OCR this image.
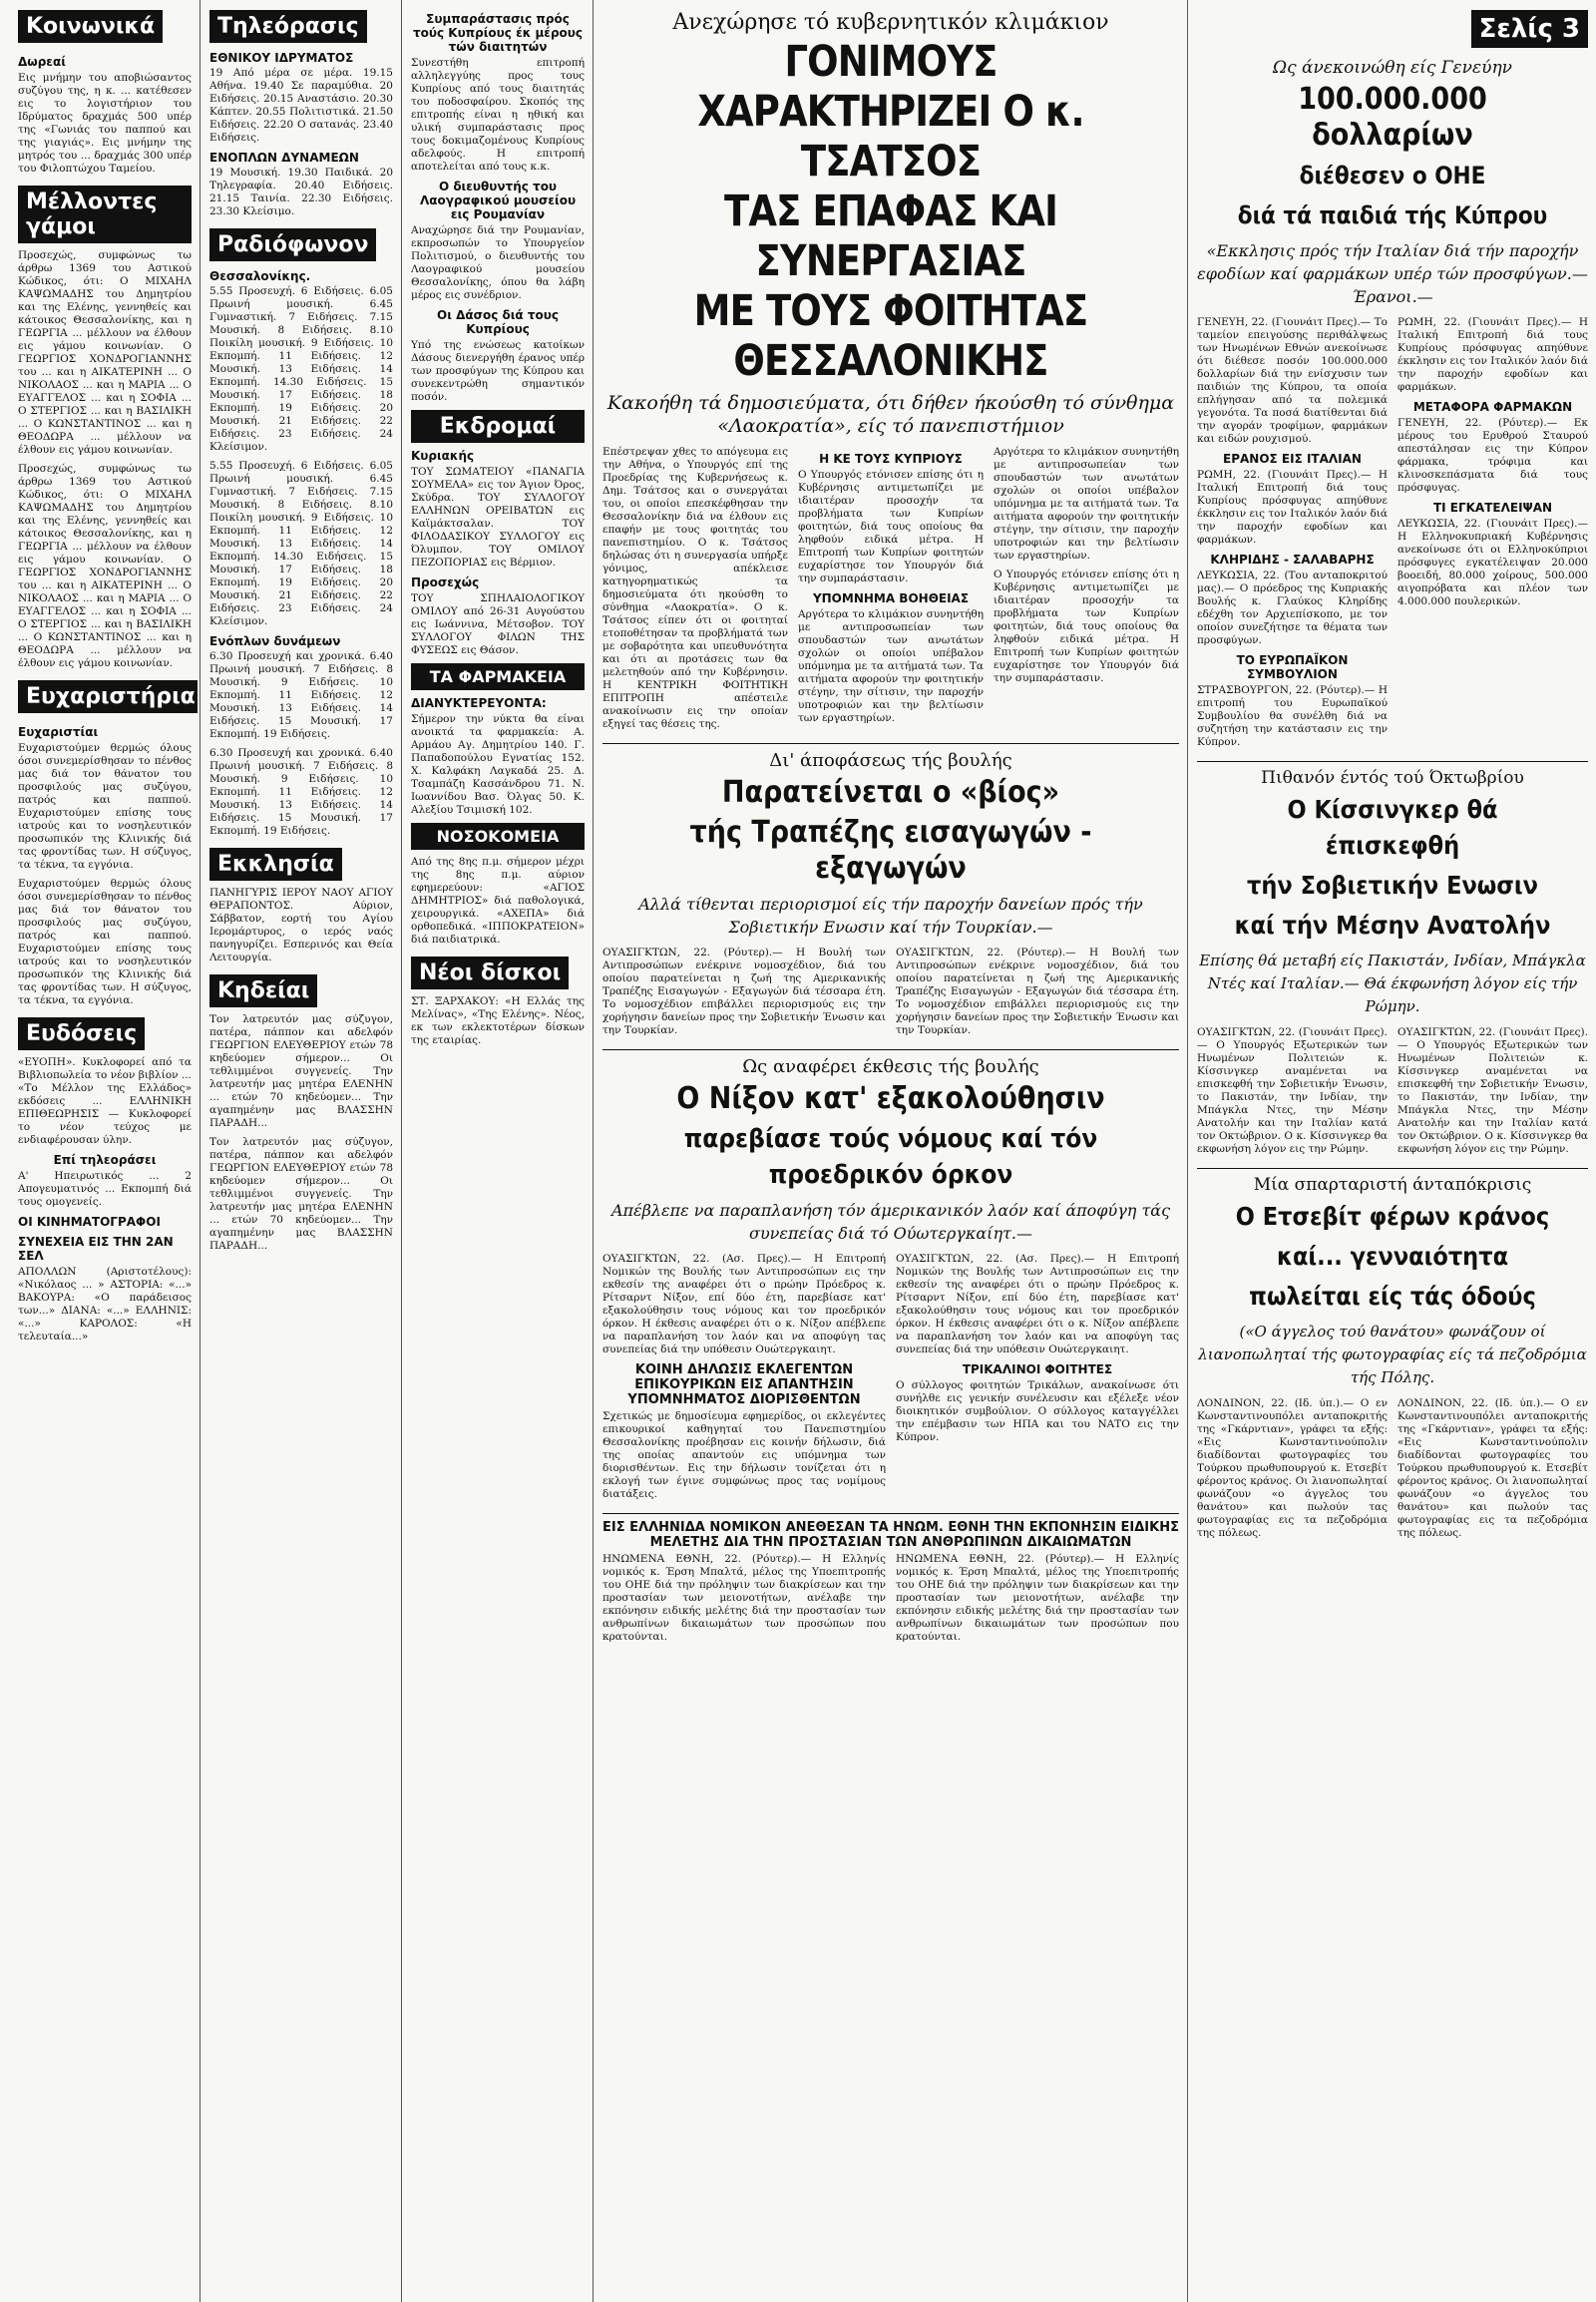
Κοινωνικά
Δωρεαί

Εις μνήμην του αποβιώσαντος συζύγου της, η κ. ... κατέθεσεν εις το λογιστήριον του Ιδρύματος δραχμάς 500 υπέρ της «Γωνιάς του παππού και της γιαγιάς». Εις μνήμην της μητρός του ... δραχμάς 300 υπέρ του Φιλοπτώχου Ταμείου.

Μέλλοντες γάμοι

Προσεχώς, συμφώνως τω άρθρω 1369 του Αστικού Κώδικος, ότι: Ο ΜΙΧΑΗΛ ΚΑΨΩΜΑΔΗΣ του Δημητρίου και της Ελένης, γεννηθείς και κάτοικος Θεσσαλονίκης, και η ΓΕΩΡΓΙΑ ... μέλλουν να έλθουν εις γάμου κοινωνίαν. Ο ΓΕΩΡΓΙΟΣ ΧΟΝΔΡΟΓΙΑΝΝΗΣ του ... και η ΑΙΚΑΤΕΡΙΝΗ ... Ο ΝΙΚΟΛΑΟΣ ... και η ΜΑΡΙΑ ... Ο ΕΥΑΓΓΕΛΟΣ ... και η ΣΟΦΙΑ ... Ο ΣΤΕΡΓΙΟΣ ... και η ΒΑΣΙΛΙΚΗ ... Ο ΚΩΝΣΤΑΝΤΙΝΟΣ ... και η ΘΕΟΔΩΡΑ ... μέλλουν να έλθουν εις γάμου κοινωνίαν.

Προσεχώς, συμφώνως τω άρθρω 1369 του Αστικού Κώδικος, ότι: Ο ΜΙΧΑΗΛ ΚΑΨΩΜΑΔΗΣ του Δημητρίου και της Ελένης, γεννηθείς και κάτοικος Θεσσαλονίκης, και η ΓΕΩΡΓΙΑ ... μέλλουν να έλθουν εις γάμου κοινωνίαν. Ο ΓΕΩΡΓΙΟΣ ΧΟΝΔΡΟΓΙΑΝΝΗΣ του ... και η ΑΙΚΑΤΕΡΙΝΗ ... Ο ΝΙΚΟΛΑΟΣ ... και η ΜΑΡΙΑ ... Ο ΕΥΑΓΓΕΛΟΣ ... και η ΣΟΦΙΑ ... Ο ΣΤΕΡΓΙΟΣ ... και η ΒΑΣΙΛΙΚΗ ... Ο ΚΩΝΣΤΑΝΤΙΝΟΣ ... και η ΘΕΟΔΩΡΑ ... μέλλουν να έλθουν εις γάμου κοινωνίαν.

Ευχαριστήρια
Ευχαριστίαι

Ευχαριστούμεν θερμώς όλους όσοι συνεμερίσθησαν το πένθος μας διά τον θάνατον του προσφιλούς μας συζύγου, πατρός και παππού. Ευχαριστούμεν επίσης τους ιατρούς και το νοσηλευτικόν προσωπικόν της Κλινικής διά τας φροντίδας των. Η σύζυγος, τα τέκνα, τα εγγόνια.

Ευχαριστούμεν θερμώς όλους όσοι συνεμερίσθησαν το πένθος μας διά τον θάνατον του προσφιλούς μας συζύγου, πατρός και παππού. Ευχαριστούμεν επίσης τους ιατρούς και το νοσηλευτικόν προσωπικόν της Κλινικής διά τας φροντίδας των. Η σύζυγος, τα τέκνα, τα εγγόνια.

Ευδόσεις

«ΕΥΟΠΗ». Κυκλοφορεί από τα Βιβλιοπωλεία το νέον βιβλίον ... «Το Μέλλον της Ελλάδος» εκδόσεις ... ΕΛΛΗΝΙΚΗ ΕΠΙΘΕΩΡΗΣΙΣ — Κυκλοφορεί το νέον τεύχος με ενδιαφέρουσαν ύλην.

Επί τηλεοράσει

Α' Ηπειρωτικός ... 2 Απογευματινός ... Εκπομπή διά τους ομογενείς.

ΟΙ ΚΙΝΗΜΑΤΟΓΡΑΦΟΙ
ΣΥΝΕΧΕΙΑ ΕΙΣ ΤΗΝ 2ΑΝ ΣΕΛ

ΑΠΟΛΛΩΝ (Αριστοτέλους): «Νικόλαος ... » ΑΣΤΟΡΙΑ: «...» ΒΑΚΟΥΡΑ: «Ο παράδεισος των...» ΔΙΑΝΑ: «...» ΕΛΛΗΝΙΣ: «...» ΚΑΡΟΛΟΣ: «Η τελευταία...»

Τηλεόρασις
ΕΘΝΙΚΟΥ ΙΔΡΥΜΑΤΟΣ

19 Από μέρα σε μέρα. 19.15 Αθήνα. 19.40 Σε παραμύθια. 20 Ειδήσεις. 20.15 Αναστάσιο. 20.30 Κάπτεν. 20.55 Πολιτιστικά. 21.50 Ειδήσεις. 22.20 Ο σατανάς. 23.40 Ειδήσεις.

ΕΝΟΠΛΩΝ ΔΥΝΑΜΕΩΝ

19 Μουσική. 19.30 Παιδικά. 20 Τηλεγραφία. 20.40 Ειδήσεις. 21.15 Ταινία. 22.30 Ειδήσεις. 23.30 Κλείσιμο.

Ραδιόφωνον
Θεσσαλονίκης.

5.55 Προσευχή. 6 Ειδήσεις. 6.05 Πρωινή μουσική. 6.45 Γυμναστική. 7 Ειδήσεις. 7.15 Μουσική. 8 Ειδήσεις. 8.10 Ποικίλη μουσική. 9 Ειδήσεις. 10 Εκπομπή. 11 Ειδήσεις. 12 Μουσική. 13 Ειδήσεις. 14 Εκπομπή. 14.30 Ειδήσεις. 15 Μουσική. 17 Ειδήσεις. 18 Εκπομπή. 19 Ειδήσεις. 20 Μουσική. 21 Ειδήσεις. 22 Ειδήσεις. 23 Ειδήσεις. 24 Κλείσιμον.

5.55 Προσευχή. 6 Ειδήσεις. 6.05 Πρωινή μουσική. 6.45 Γυμναστική. 7 Ειδήσεις. 7.15 Μουσική. 8 Ειδήσεις. 8.10 Ποικίλη μουσική. 9 Ειδήσεις. 10 Εκπομπή. 11 Ειδήσεις. 12 Μουσική. 13 Ειδήσεις. 14 Εκπομπή. 14.30 Ειδήσεις. 15 Μουσική. 17 Ειδήσεις. 18 Εκπομπή. 19 Ειδήσεις. 20 Μουσική. 21 Ειδήσεις. 22 Ειδήσεις. 23 Ειδήσεις. 24 Κλείσιμον.

Ενόπλων δυνάμεων

6.30 Προσευχή και χρονικά. 6.40 Πρωινή μουσική. 7 Ειδήσεις. 8 Μουσική. 9 Ειδήσεις. 10 Εκπομπή. 11 Ειδήσεις. 12 Μουσική. 13 Ειδήσεις. 14 Ειδήσεις. 15 Μουσική. 17 Εκπομπή. 19 Ειδήσεις.

6.30 Προσευχή και χρονικά. 6.40 Πρωινή μουσική. 7 Ειδήσεις. 8 Μουσική. 9 Ειδήσεις. 10 Εκπομπή. 11 Ειδήσεις. 12 Μουσική. 13 Ειδήσεις. 14 Ειδήσεις. 15 Μουσική. 17 Εκπομπή. 19 Ειδήσεις.

Εκκλησία

ΠΑΝΗΓΥΡΙΣ ΙΕΡΟΥ ΝΑΟΥ ΑΓΙΟΥ ΘΕΡΑΠΟΝΤΟΣ. Αύριον, Σάββατον, εορτή του Αγίου Ιερομάρτυρος, ο ιερός ναός πανηγυρίζει. Εσπερινός και Θεία Λειτουργία.

Κηδείαι

Τον λατρευτόν μας σύζυγον, πατέρα, πάππον και αδελφόν ΓΕΩΡΓΙΟΝ ΕΛΕΥΘΕΡΙΟΥ ετών 78 κηδεύομεν σήμερον... Οι τεθλιμμένοι συγγενείς. Την λατρευτήν μας μητέρα ΕΛΕΝΗΝ ... ετών 70 κηδεύομεν... Την αγαπημένην μας ΒΛΑΣΣΗΝ ΠΑΡΑΔΗ...

Τον λατρευτόν μας σύζυγον, πατέρα, πάππον και αδελφόν ΓΕΩΡΓΙΟΝ ΕΛΕΥΘΕΡΙΟΥ ετών 78 κηδεύομεν σήμερον... Οι τεθλιμμένοι συγγενείς. Την λατρευτήν μας μητέρα ΕΛΕΝΗΝ ... ετών 70 κηδεύομεν... Την αγαπημένην μας ΒΛΑΣΣΗΝ ΠΑΡΑΔΗ...

Συμπαράστασις πρός τούς Κυπρίους έκ μέρους τών διαιτητών

Συνεστήθη επιτροπή αλληλεγγύης προς τους Κυπρίους από τους διαιτητάς του ποδοσφαίρου. Σκοπός της επιτροπής είναι η ηθική και υλική συμπαράστασις προς τους δοκιμαζομένους Κυπρίους αδελφούς. Η επιτροπή αποτελείται από τους κ.κ.

Ο διευθυντής του Λαογραφικού μουσείου εις Ρουμανίαν

Αναχώρησε διά την Ρουμανίαν, εκπροσωπών το Υπουργείον Πολιτισμού, ο διευθυντής του Λαογραφικού μουσείου Θεσσαλονίκης, όπου θα λάβη μέρος εις συνέδριον.

Οι Δάσος διά τους Κυπρίους

Υπό της ενώσεως κατοίκων Δάσους διενεργήθη έρανος υπέρ των προσφύγων της Κύπρου και συνεκεντρώθη σημαντικόν ποσόν.

Εκδρομαί
Κυριακής

ΤΟΥ ΣΩΜΑΤΕΙΟΥ «ΠΑΝΑΓΙΑ ΣΟΥΜΕΛΑ» εις τον Άγιον Όρος, Σκύδρα. ΤΟΥ ΣΥΛΛΟΓΟΥ ΕΛΛΗΝΩΝ ΟΡΕΙΒΑΤΩΝ εις Καϊμάκτσαλαν. ΤΟΥ ΦΙΛΟΔΑΣΙΚΟΥ ΣΥΛΛΟΓΟΥ εις Όλυμπον. ΤΟΥ ΟΜΙΛΟΥ ΠΕΖΟΠΟΡΙΑΣ εις Βέρμιον.

Προσεχώς

ΤΟΥ ΣΠΗΛΑΙΟΛΟΓΙΚΟΥ ΟΜΙΛΟΥ από 26-31 Αυγούστου εις Ιωάννινα, Μέτσοβον. ΤΟΥ ΣΥΛΛΟΓΟΥ ΦΙΛΩΝ ΤΗΣ ΦΥΣΕΩΣ εις Θάσον.

ΤΑ ΦΑΡΜΑΚΕΙΑ
ΔΙΑΝΥΚΤΕΡΕΥΟΝΤΑ:

Σήμερον την νύκτα θα είναι ανοικτά τα φαρμακεία: Α. Αρμάου Αγ. Δημητρίου 140. Γ. Παπαδοπούλου Εγνατίας 152. Χ. Καλφάκη Λαγκαδά 25. Δ. Τσαμπάζη Κασσάνδρου 71. Ν. Ιωαννίδου Βασ. Όλγας 50. Κ. Αλεξίου Τσιμισκή 102.

ΝΟΣΟΚΟΜΕΙΑ

Από της 8ης π.μ. σήμερον μέχρι της 8ης π.μ. αύριον εφημερεύουν: «ΑΓΙΟΣ ΔΗΜΗΤΡΙΟΣ» διά παθολογικά, χειρουργικά. «ΑΧΕΠΑ» διά ορθοπεδικά. «ΙΠΠΟΚΡΑΤΕΙΟΝ» διά παιδιατρικά.

Νέοι δίσκοι

ΣΤ. ΞΑΡΧΑΚΟΥ: «Η Ελλάς της Μελίνας», «Της Ελένης». Νέος, εκ των εκλεκτοτέρων δίσκων της εταιρίας.

Ανεχώρησε τό κυβερνητικόν κλιμάκιον
ΓΟΝΙΜΟΥΣ ΧΑΡΑΚΤΗΡΙΖΕΙ Ο κ. ΤΣΑΤΣΟΣ
ΤΑΣ ΕΠΑΦΑΣ ΚΑΙ ΣΥΝΕΡΓΑΣΙΑΣ
ΜΕ ΤΟΥΣ ΦΟΙΤΗΤΑΣ ΘΕΣΣΑΛΟΝΙΚΗΣ
Κακοήθη τά δημοσιεύματα, ότι δήθεν ήκούσθη τό σύνθημα «Λαοκρατία», είς τό πανεπιστήμιον

Επέστρεψαν χθες το απόγευμα εις την Αθήνα, ο Υπουργός επί της Προεδρίας της Κυβερνήσεως κ. Δημ. Τσάτσος και ο συνεργάται του, οι οποίοι επεσκέφθησαν την Θεσσαλονίκην διά να έλθουν εις επαφήν με τους φοιτητάς του πανεπιστημίου. Ο κ. Τσάτσος δηλώσας ότι η συνεργασία υπήρξε γόνιμος, απέκλεισε κατηγορηματικώς τα δημοσιεύματα ότι ηκούσθη το σύνθημα «Λαοκρατία». Ο κ. Τσάτσος είπεν ότι οι φοιτηταί ετοποθέτησαν τα προβλήματά των με σοβαρότητα και υπευθυνότητα και ότι αι προτάσεις των θα μελετηθούν από την Κυβέρνησιν. Η ΚΕΝΤΡΙΚΗ ΦΟΙΤΗΤΙΚΗ ΕΠΙΤΡΟΠΗ απέστειλε ανακοίνωσιν εις την οποίαν εξηγεί τας θέσεις της.

Η ΚΕ ΤΟΥΣ ΚΥΠΡΙΟΥΣ

Ο Υπουργός ετόνισεν επίσης ότι η Κυβέρνησις αντιμετωπίζει με ιδιαιτέραν προσοχήν τα προβλήματα των Κυπρίων φοιτητών, διά τους οποίους θα ληφθούν ειδικά μέτρα. Η Επιτροπή των Κυπρίων φοιτητών ευχαρίστησε τον Υπουργόν διά την συμπαράστασιν.

ΥΠΟΜΝΗΜΑ ΒΟΗΘΕΙΑΣ

Αργότερα το κλιμάκιον συνηντήθη με αντιπροσωπείαν των σπουδαστών των ανωτάτων σχολών οι οποίοι υπέβαλον υπόμνημα με τα αιτήματά των. Τα αιτήματα αφορούν την φοιτητικήν στέγην, την σίτισιν, την παροχήν υποτροφιών και την βελτίωσιν των εργαστηρίων.

Αργότερα το κλιμάκιον συνηντήθη με αντιπροσωπείαν των σπουδαστών των ανωτάτων σχολών οι οποίοι υπέβαλον υπόμνημα με τα αιτήματά των. Τα αιτήματα αφορούν την φοιτητικήν στέγην, την σίτισιν, την παροχήν υποτροφιών και την βελτίωσιν των εργαστηρίων.

Ο Υπουργός ετόνισεν επίσης ότι η Κυβέρνησις αντιμετωπίζει με ιδιαιτέραν προσοχήν τα προβλήματα των Κυπρίων φοιτητών, διά τους οποίους θα ληφθούν ειδικά μέτρα. Η Επιτροπή των Κυπρίων φοιτητών ευχαρίστησε τον Υπουργόν διά την συμπαράστασιν.

Δι' άποφάσεως τής βουλής
Παρατείνεται ο «βίος»
τής Τραπέζης εισαγωγών - εξαγωγών
Αλλά τίθενται περιορισμοί είς τήν παροχήν δανείων πρός τήν Σοβιετικήν Ενωσιν καί τήν Τουρκίαν.—

ΟΥΑΣΙΓΚΤΩΝ, 22. (Ρόυτερ).— Η Βουλή των Αντιπροσώπων ενέκρινε νομοσχέδιον, διά του οποίου παρατείνεται η ζωή της Αμερικανικής Τραπέζης Εισαγωγών - Εξαγωγών διά τέσσαρα έτη. Το νομοσχέδιον επιβάλλει περιορισμούς εις την χορήγησιν δανείων προς την Σοβιετικήν Ένωσιν και την Τουρκίαν.

ΟΥΑΣΙΓΚΤΩΝ, 22. (Ρόυτερ).— Η Βουλή των Αντιπροσώπων ενέκρινε νομοσχέδιον, διά του οποίου παρατείνεται η ζωή της Αμερικανικής Τραπέζης Εισαγωγών - Εξαγωγών διά τέσσαρα έτη. Το νομοσχέδιον επιβάλλει περιορισμούς εις την χορήγησιν δανείων προς την Σοβιετικήν Ένωσιν και την Τουρκίαν.

Ως αναφέρει έκθεσις τής βουλής
Ο Νίξον κατ' εξακολούθησιν
παρεβίασε τούς νόμους καί τόν προεδρικόν όρκον
Απέβλεπε να παραπλανήση τόν άμερικανικόν λαόν καί άποφύγη τάς συνεπείας διά τό Ούωτεργκαίητ.—

ΟΥΑΣΙΓΚΤΩΝ, 22. (Ασ. Πρες).— Η Επιτροπή Νομικών της Βουλής των Αντιπροσώπων εις την εκθεσίν της αναφέρει ότι ο πρώην Πρόεδρος κ. Ρίτσαρντ Νίξον, επί δύο έτη, παρεβίασε κατ' εξακολούθησιν τους νόμους και τον προεδρικόν όρκον. Η έκθεσις αναφέρει ότι ο κ. Νίξον απέβλεπε να παραπλανήση τον λαόν και να αποφύγη τας συνεπείας διά την υπόθεσιν Ουώτεργκαιητ.

ΚΟΙΝΗ ΔΗΛΩΣΙΣ ΕΚΛΕΓΕΝΤΩΝ ΕΠΙΚΟΥΡΙΚΩΝ ΕΙΣ ΑΠΑΝΤΗΣΙΝ ΥΠΟΜΝΗΜΑΤΟΣ ΔΙΟΡΙΣΘΕΝΤΩΝ

Σχετικώς με δημοσίευμα εφημερίδος, οι εκλεγέντες επικουρικοί καθηγηταί του Πανεπιστημίου Θεσσαλονίκης προέβησαν εις κοινήν δήλωσιν, διά της οποίας απαντούν εις υπόμνημα των διορισθέντων. Εις την δήλωσιν τονίζεται ότι η εκλογή των έγινε συμφώνως προς τας νομίμους διατάξεις.

ΟΥΑΣΙΓΚΤΩΝ, 22. (Ασ. Πρες).— Η Επιτροπή Νομικών της Βουλής των Αντιπροσώπων εις την εκθεσίν της αναφέρει ότι ο πρώην Πρόεδρος κ. Ρίτσαρντ Νίξον, επί δύο έτη, παρεβίασε κατ' εξακολούθησιν τους νόμους και τον προεδρικόν όρκον. Η έκθεσις αναφέρει ότι ο κ. Νίξον απέβλεπε να παραπλανήση τον λαόν και να αποφύγη τας συνεπείας διά την υπόθεσιν Ουώτεργκαιητ.

ΤΡΙΚΑΛΙΝΟΙ ΦΟΙΤΗΤΕΣ

Ο σύλλογος φοιτητών Τρικάλων, ανακοίνωσε ότι συνήλθε εις γενικήν συνέλευσιν και εξέλεξε νέον διοικητικόν συμβούλιον. Ο σύλλογος καταγγέλλει την επέμβασιν των ΗΠΑ και του ΝΑΤΟ εις την Κύπρον.

ΕΙΣ ΕΛΛΗΝΙΔΑ ΝΟΜΙΚΟΝ ΑΝΕΘΕΣΑΝ ΤΑ ΗΝΩΜ. ΕΘΝΗ ΤΗΝ ΕΚΠΟΝΗΣΙΝ ΕΙΔΙΚΗΣ ΜΕΛΕΤΗΣ ΔΙΑ ΤΗΝ ΠΡΟΣΤΑΣΙΑΝ ΤΩΝ ΑΝΘΡΩΠΙΝΩΝ ΔΙΚΑΙΩΜΑΤΩΝ

ΗΝΩΜΕΝΑ ΕΘΝΗ, 22. (Ρόυτερ).— Η Ελληνίς νομικός κ. Έρση Μπαλτά, μέλος της Υποεπιτροπής του ΟΗΕ διά την πρόληψιν των διακρίσεων και την προστασίαν των μειονοτήτων, ανέλαβε την εκπόνησιν ειδικής μελέτης διά την προστασίαν των ανθρωπίνων δικαιωμάτων των προσώπων που κρατούνται.

ΗΝΩΜΕΝΑ ΕΘΝΗ, 22. (Ρόυτερ).— Η Ελληνίς νομικός κ. Έρση Μπαλτά, μέλος της Υποεπιτροπής του ΟΗΕ διά την πρόληψιν των διακρίσεων και την προστασίαν των μειονοτήτων, ανέλαβε την εκπόνησιν ειδικής μελέτης διά την προστασίαν των ανθρωπίνων δικαιωμάτων των προσώπων που κρατούνται.

Σελίς 3
Ως άνεκοινώθη είς Γενεύην
100.000.000 δολλαρίων
διέθεσεν ο ΟΗΕ
διά τά παιδιά τής Κύπρου
«Εκκλησις πρός τήν Ιταλίαν διά τήν παροχήν εφοδίων καί φαρμάκων υπέρ τών προσφύγων.— Έρανοι.—

ΓΕΝΕΥΗ, 22. (Γιουνάιτ Πρες).— Το ταμείον επειγούσης περιθάλψεως των Ηνωμένων Εθνών ανεκοίνωσε ότι διέθεσε ποσόν 100.000.000 δολλαρίων διά την ενίσχυσιν των παιδιών της Κύπρου, τα οποία επλήγησαν από τα πολεμικά γεγονότα. Τα ποσά διατίθενται διά την αγοράν τροφίμων, φαρμάκων και ειδών ρουχισμού.

ΕΡΑΝΟΣ ΕΙΣ ΙΤΑΛΙΑΝ

ΡΩΜΗ, 22. (Γιουνάιτ Πρες).— Η Ιταλική Επιτροπή διά τους Κυπρίους πρόσφυγας απηύθυνε έκκλησιν εις τον Ιταλικόν λαόν διά την παροχήν εφοδίων και φαρμάκων.

ΚΛΗΡΙΔΗΣ - ΣΑΛΑΒΑΡΗΣ

ΛΕΥΚΩΣΙΑ, 22. (Του ανταποκριτού μας).— Ο πρόεδρος της Κυπριακής Βουλής κ. Γλαύκος Κληρίδης εδέχθη τον Αρχιεπίσκοπο, με τον οποίον συνεζήτησε τα θέματα των προσφύγων.

ΤΟ ΕΥΡΩΠΑΪΚΟΝ ΣΥΜΒΟΥΛΙΟΝ

ΣΤΡΑΣΒΟΥΡΓΟΝ, 22. (Ρόυτερ).— Η επιτροπή του Ευρωπαϊκού Συμβουλίου θα συνέλθη διά να συζητήση την κατάστασιν εις την Κύπρον.

ΡΩΜΗ, 22. (Γιουνάιτ Πρες).— Η Ιταλική Επιτροπή διά τους Κυπρίους πρόσφυγας απηύθυνε έκκλησιν εις τον Ιταλικόν λαόν διά την παροχήν εφοδίων και φαρμάκων.

ΜΕΤΑΦΟΡΑ ΦΑΡΜΑΚΩΝ

ΓΕΝΕΥΗ, 22. (Ρόυτερ).— Εκ μέρους του Ερυθρού Σταυρού απεστάλησαν εις την Κύπρον φάρμακα, τρόφιμα και κλινοσκεπάσματα διά τους πρόσφυγας.

ΤΙ ΕΓΚΑΤΕΛΕΙΨΑΝ

ΛΕΥΚΩΣΙΑ, 22. (Γιουνάιτ Πρες).— Η Ελληνοκυπριακή Κυβέρνησις ανεκοίνωσε ότι οι Ελληνοκύπριοι πρόσφυγες εγκατέλειψαν 20.000 βοοειδή, 80.000 χοίρους, 500.000 αιγοπρόβατα και πλέον των 4.000.000 πουλερικών.

Πιθανόν έντός τού Όκτωβρίου
Ο Κίσσινγκερ θά έπισκεφθή
τήν Σοβιετικήν Ενωσιν
καί τήν Μέσην Ανατολήν
Επίσης θά μεταβή είς Πακιστάν, Ινδίαν, Μπάγκλα Ντές καί Ιταλίαν.— Θά έκφωνήση λόγον είς τήν Ρώμην.

ΟΥΑΣΙΓΚΤΩΝ, 22. (Γιουνάιτ Πρες).— Ο Υπουργός Εξωτερικών των Ηνωμένων Πολιτειών κ. Κίσσινγκερ αναμένεται να επισκεφθή την Σοβιετικήν Ένωσιν, το Πακιστάν, την Ινδίαν, την Μπάγκλα Ντες, την Μέσην Ανατολήν και την Ιταλίαν κατά τον Οκτώβριον. Ο κ. Κίσσινγκερ θα εκφωνήση λόγον εις την Ρώμην.

ΟΥΑΣΙΓΚΤΩΝ, 22. (Γιουνάιτ Πρες).— Ο Υπουργός Εξωτερικών των Ηνωμένων Πολιτειών κ. Κίσσινγκερ αναμένεται να επισκεφθή την Σοβιετικήν Ένωσιν, το Πακιστάν, την Ινδίαν, την Μπάγκλα Ντες, την Μέσην Ανατολήν και την Ιταλίαν κατά τον Οκτώβριον. Ο κ. Κίσσινγκερ θα εκφωνήση λόγον εις την Ρώμην.

Μία σπαρταριστή άνταπόκρισις
Ο Ετσεβίτ φέρων κράνος
καί... γενναιότητα
πωλείται είς τάς όδούς
(«Ο άγγελος τού θανάτου» φωνάζουν οί λιανοπωληταί τής φωτογραφίας είς τά πεζοδρόμια τής Πόλης.

ΛΟΝΔΙΝΟΝ, 22. (Ιδ. ύπ.).— Ο εν Κωνσταντινουπόλει ανταποκριτής της «Γκάρντιαν», γράφει τα εξής: «Εις Κωνσταντινούπολιν διαδίδονται φωτογραφίες του Τούρκου πρωθυπουργού κ. Ετσεβίτ φέροντος κράνος. Οι λιανοπωληταί φωνάζουν «ο άγγελος του θανάτου» και πωλούν τας φωτογραφίας εις τα πεζοδρόμια της πόλεως.

ΛΟΝΔΙΝΟΝ, 22. (Ιδ. ύπ.).— Ο εν Κωνσταντινουπόλει ανταποκριτής της «Γκάρντιαν», γράφει τα εξής: «Εις Κωνσταντινούπολιν διαδίδονται φωτογραφίες του Τούρκου πρωθυπουργού κ. Ετσεβίτ φέροντος κράνος. Οι λιανοπωληταί φωνάζουν «ο άγγελος του θανάτου» και πωλούν τας φωτογραφίας εις τα πεζοδρόμια της πόλεως.
